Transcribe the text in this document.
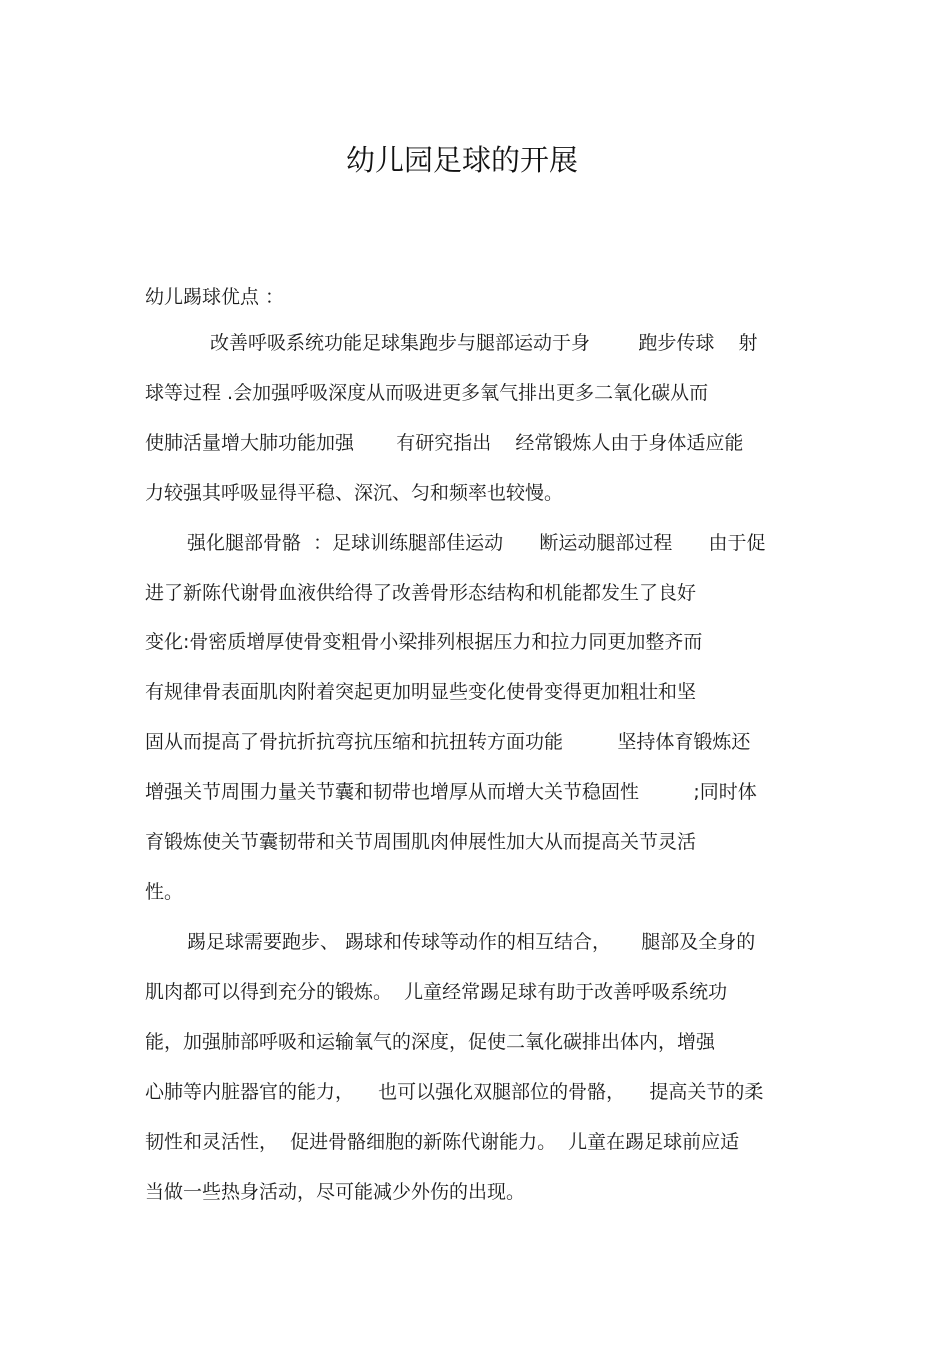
幼儿园足球的开展
幼儿踢球优点 ：
改善呼吸系统功能足球集跑步与腿部运动于身        跑步传球    射
球等过程 .会加强呼吸深度从而吸进更多氧气排出更多二氧化碳从而
使肺活量增大肺功能加强       有研究指出    经常锻炼人由于身体适应能
力较强其呼吸显得平稳、深沉、匀和频率也较慢。
强化腿部骨骼  ：足球训练腿部佳运动      断运动腿部过程      由于促
进了新陈代谢骨血液供给得了改善骨形态结构和机能都发生了良好
变化:骨密质增厚使骨变粗骨小梁排列根据压力和拉力同更加整齐而
有规律骨表面肌肉附着突起更加明显些变化使骨变得更加粗壮和坚
固从而提高了骨抗折抗弯抗压缩和抗扭转方面功能         坚持体育锻炼还
增强关节周围力量关节囊和韧带也增厚从而增大关节稳固性         ;同时体
育锻炼使关节囊韧带和关节周围肌肉伸展性加大从而提高关节灵活
性。
踢足球需要跑步、 踢球和传球等动作的相互结合，     腿部及全身的
肌肉都可以得到充分的锻炼。  儿童经常踢足球有助于改善呼吸系统功
能，加强肺部呼吸和运输氧气的深度，促使二氧化碳排出体内，增强
心肺等内脏器官的能力，    也可以强化双腿部位的骨骼，    提高关节的柔
韧性和灵活性，  促进骨骼细胞的新陈代谢能力。  儿童在踢足球前应适
当做一些热身活动，尽可能减少外伤的出现。
